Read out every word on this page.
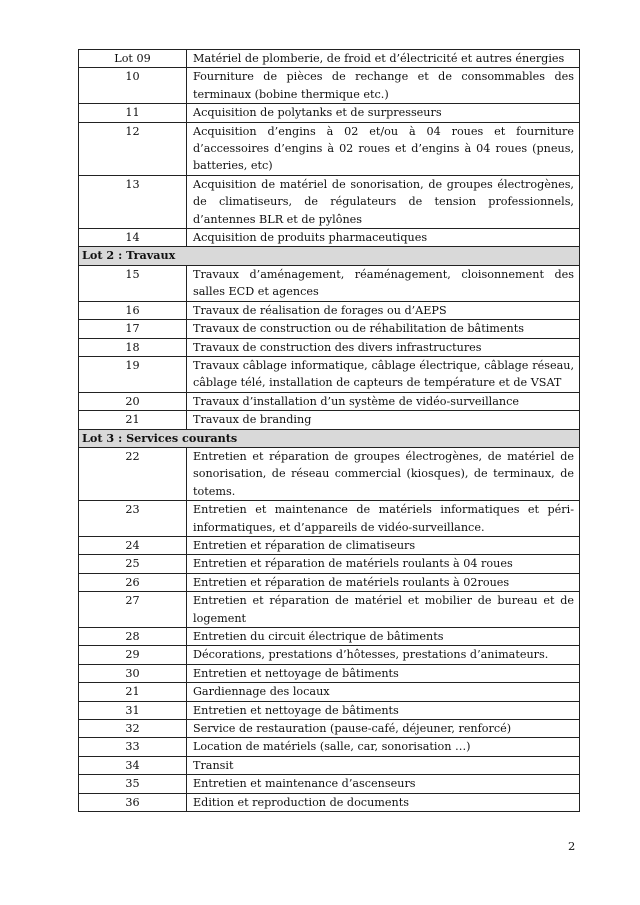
Lot 09	Matériel de plomberie, de froid et d’électricité et autres énergies
10	Fourniture de pièces de rechange et de consommables des terminaux (bobine thermique etc.)
11	Acquisition de polytanks et de surpresseurs
12	Acquisition d’engins à 02 et/ou à 04 roues et fourniture d’accessoires d’engins à 02 roues et d’engins à 04 roues (pneus, batteries, etc)
13	Acquisition de matériel de sonorisation, de groupes électrogènes, de climatiseurs, de régulateurs de tension professionnels, d’antennes BLR et de pylônes
14	Acquisition de produits pharmaceutiques
Lot 2 : Travaux	
15	Travaux d’aménagement, réaménagement, cloisonnement des salles ECD et agences
16	Travaux de réalisation de forages ou d’AEPS
17	Travaux de construction ou de réhabilitation de bâtiments
18	Travaux de construction des divers infrastructures
19	Travaux câblage informatique, câblage électrique, câblage réseau, câblage télé, installation de capteurs de température et de VSAT
20	Travaux d’installation d’un système de vidéo-surveillance
21	Travaux de branding
Lot 3 : Services courants	
22	Entretien et réparation de groupes électrogènes, de matériel de sonorisation, de réseau commercial (kiosques), de terminaux, de totems.
23	Entretien et maintenance de matériels informatiques et péri-informatiques, et d’appareils de vidéo-surveillance.
24	Entretien et réparation de climatiseurs
25	Entretien et réparation de matériels roulants à 04 roues
26	Entretien et réparation de matériels roulants à 02roues
27	Entretien et réparation de matériel et mobilier de bureau et de logement
28	Entretien du circuit électrique de bâtiments
29	Décorations, prestations d’hôtesses, prestations d’animateurs.
30	Entretien et nettoyage de bâtiments
21	Gardiennage des locaux
31	Entretien et nettoyage de bâtiments
32	Service de restauration (pause-café, déjeuner, renforcé)
33	Location de matériels (salle, car, sonorisation …)
34	Transit
35	Entretien et maintenance d’ascenseurs
36	Edition et reproduction de documents
2
